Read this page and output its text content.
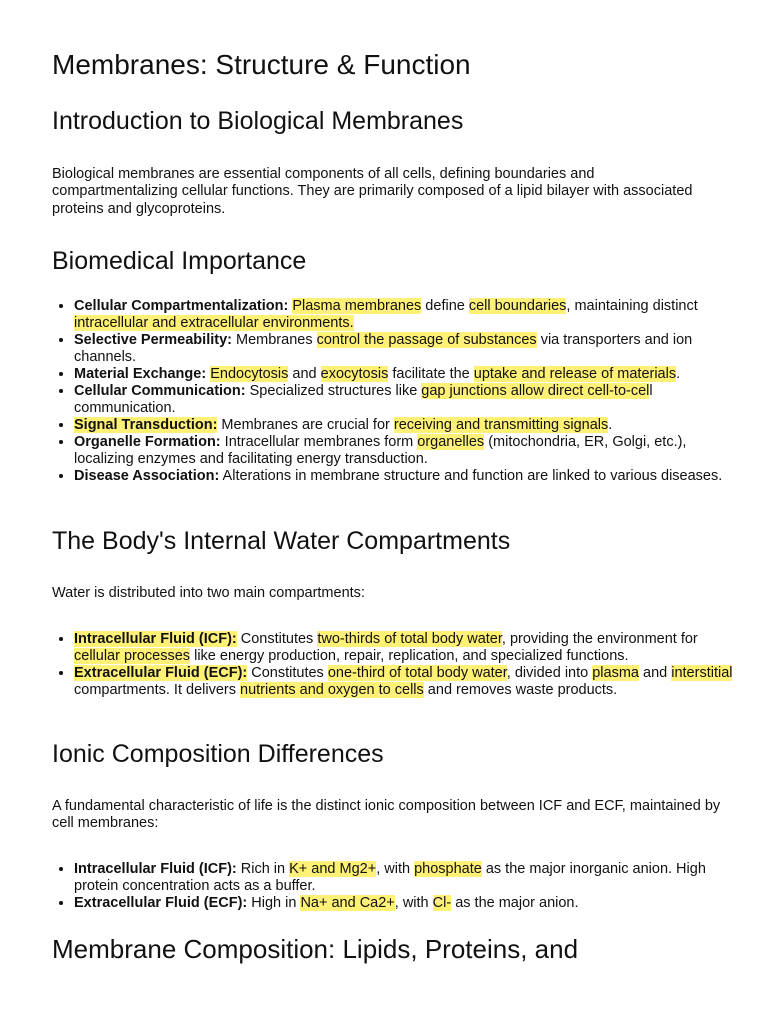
Membranes: Structure & Function
Introduction to Biological Membranes

Biological membranes are essential components of all cells, defining boundaries and compartmentalizing cellular functions. They are primarily composed of a lipid bilayer with associated proteins and glycoproteins.

Biomedical Importance
• Cellular Compartmentalization: Plasma membranes define cell boundaries, maintaining distinct intracellular and extracellular environments.
• Selective Permeability: Membranes control the passage of substances via transporters and ion channels.
• Material Exchange: Endocytosis and exocytosis facilitate the uptake and release of materials.
• Cellular Communication: Specialized structures like gap junctions allow direct cell-to-cell communication.
• Signal Transduction: Membranes are crucial for receiving and transmitting signals.
• Organelle Formation: Intracellular membranes form organelles (mitochondria, ER, Golgi, etc.), localizing enzymes and facilitating energy transduction.
• Disease Association: Alterations in membrane structure and function are linked to various diseases.
The Body's Internal Water Compartments

Water is distributed into two main compartments:

• Intracellular Fluid (ICF): Constitutes two-thirds of total body water, providing the environment for cellular processes like energy production, repair, replication, and specialized functions.
• Extracellular Fluid (ECF): Constitutes one-third of total body water, divided into plasma and interstitial compartments. It delivers nutrients and oxygen to cells and removes waste products.
Ionic Composition Differences

A fundamental characteristic of life is the distinct ionic composition between ICF and ECF, maintained by cell membranes:

• Intracellular Fluid (ICF): Rich in K+ and Mg2+, with phosphate as the major inorganic anion. High protein concentration acts as a buffer.
• Extracellular Fluid (ECF): High in Na+ and Ca2+, with Cl- as the major anion.
Membrane Composition: Lipids, Proteins, and
